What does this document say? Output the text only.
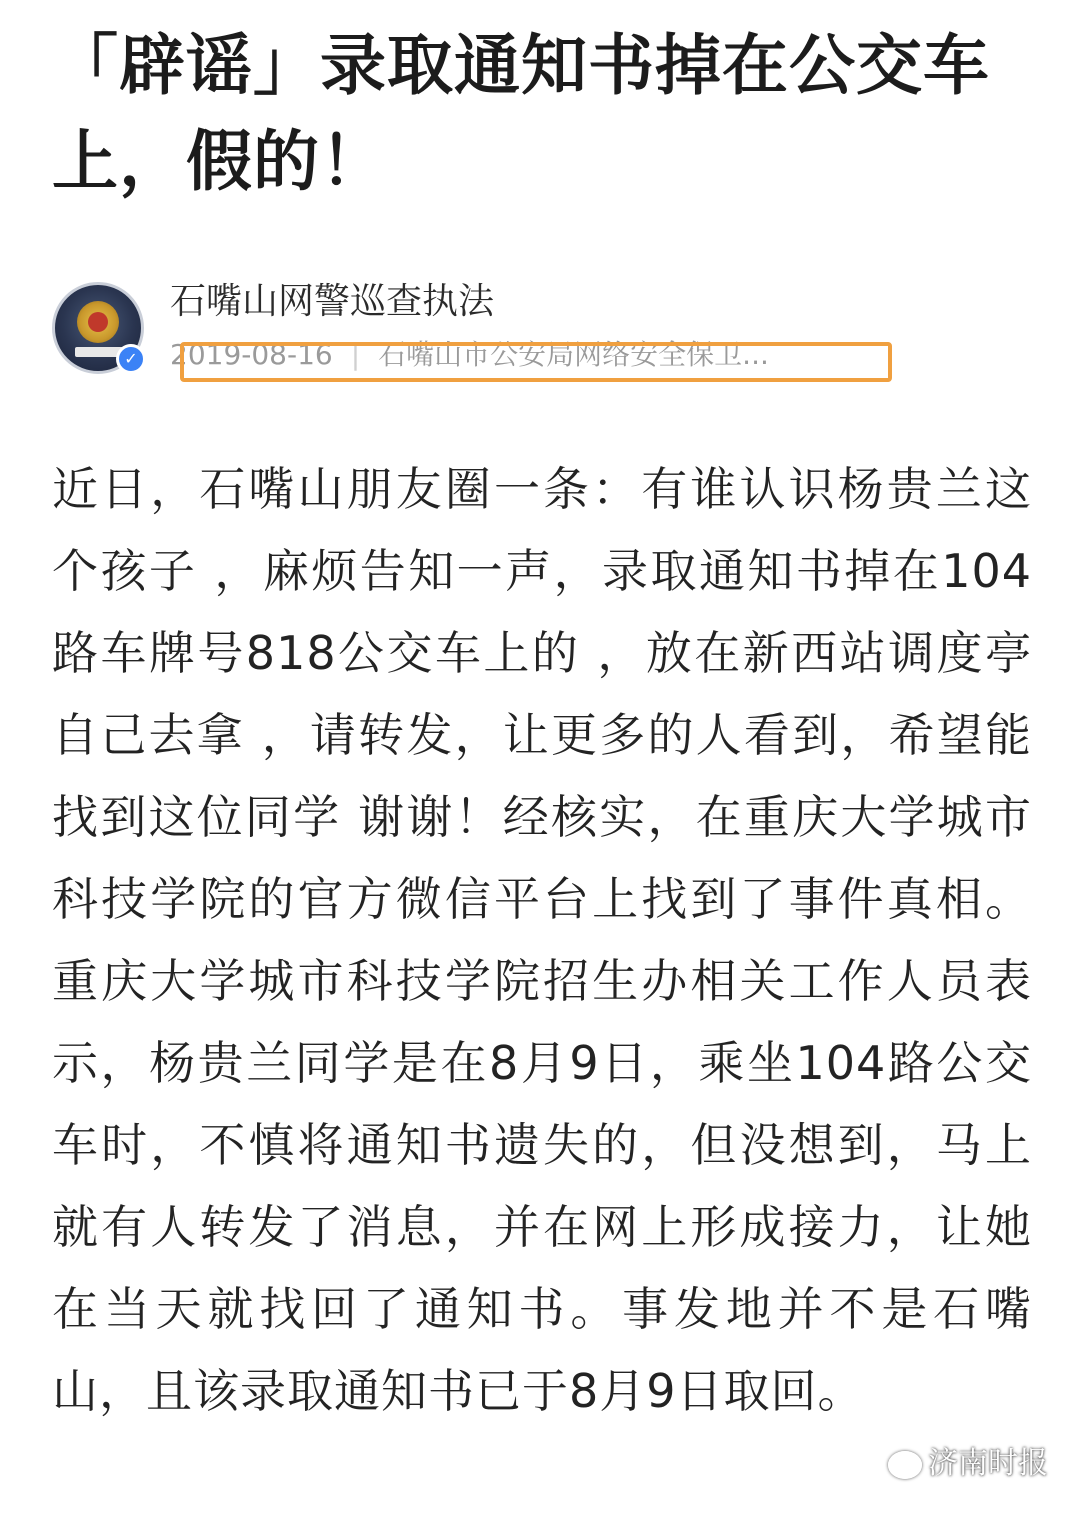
「辟谣」录取通知书掉在公交车上，假的！
✓
石嘴山网警巡查执法
2019-08-16 | 石嘴山市公安局网络安全保卫...

近日，石嘴山朋友圈一条：有谁认识杨贵兰这个孩子 ，麻烦告知一声，录取通知书掉在104路车牌号818公交车上的 ，放在新西站调度亭 自己去拿 ，请转发，让更多的人看到，希望能找到这位同学 谢谢！经核实，在重庆大学城市科技学院的官方微信平台上找到了事件真相。重庆大学城市科技学院招生办相关工作人员表示，杨贵兰同学是在8月9日，乘坐104路公交车时，不慎将通知书遗失的，但没想到，马上就有人转发了消息，并在网上形成接力，让她在当天就找回了通知书。事发地并不是石嘴山，且该录取通知书已于8月9日取回。

济南时报
